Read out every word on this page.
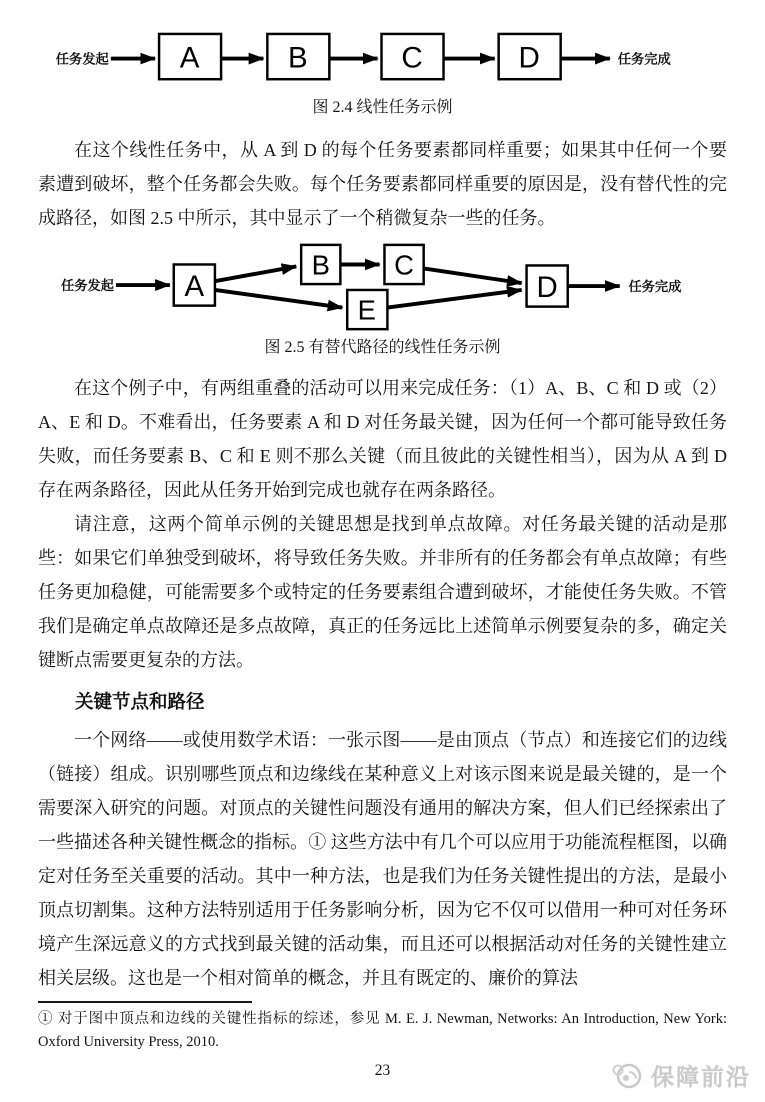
任务发起 A	B	C	D	任务完成
图 2.4 线性任务示例

在这个线性任务中，从 A 到 D 的每个任务要素都同样重要；如果其中任何一个要素遭到破坏，整个任务都会失败。每个任务要素都同样重要的原因是，没有替代性的完成路径，如图 2.5 中所示，其中显示了一个稍微复杂一些的任务。

任务发起 A
B C
E
D	任务完成
图 2.5 有替代路径的线性任务示例

在这个例子中，有两组重叠的活动可以用来完成任务：（1）A、B、C 和 D 或（2）A、E 和 D。不难看出，任务要素 A 和 D 对任务最关键，因为任何一个都可能导致任务失败，而任务要素 B、C 和 E 则不那么关键（而且彼此的关键性相当），因为从 A 到 D 存在两条路径，因此从任务开始到完成也就存在两条路径。

请注意，这两个简单示例的关键思想是找到单点故障。对任务最关键的活动是那些：如果它们单独受到破坏，将导致任务失败。并非所有的任务都会有单点故障；有些任务更加稳健，可能需要多个或特定的任务要素组合遭到破坏，才能使任务失败。不管我们是确定单点故障还是多点故障，真正的任务远比上述简单示例要复杂的多，确定关键断点需要更复杂的方法。

关键节点和路径

一个网络——或使用数学术语：一张示图——是由顶点（节点）和连接它们的边线（链接）组成。识别哪些顶点和边缘线在某种意义上对该示图来说是最关键的，是一个需要深入研究的问题。对顶点的关键性问题没有通用的解决方案，但人们已经探索出了一些描述各种关键性概念的指标。① 这些方法中有几个可以应用于功能流程框图，以确定对任务至关重要的活动。其中一种方法，也是我们为任务关键性提出的方法，是最小顶点切割集。这种方法特别适用于任务影响分析，因为它不仅可以借用一种可对任务环境产生深远意义的方式找到最关键的活动集，而且还可以根据活动对任务的关键性建立相关层级。这也是一个相对简单的概念，并且有既定的、廉价的算法

① 对于图中顶点和边线的关键性指标的综述，参见 M. E. J. Newman, Networks: An Introduction, New York: Oxford University Press, 2010.

23	保障前沿
